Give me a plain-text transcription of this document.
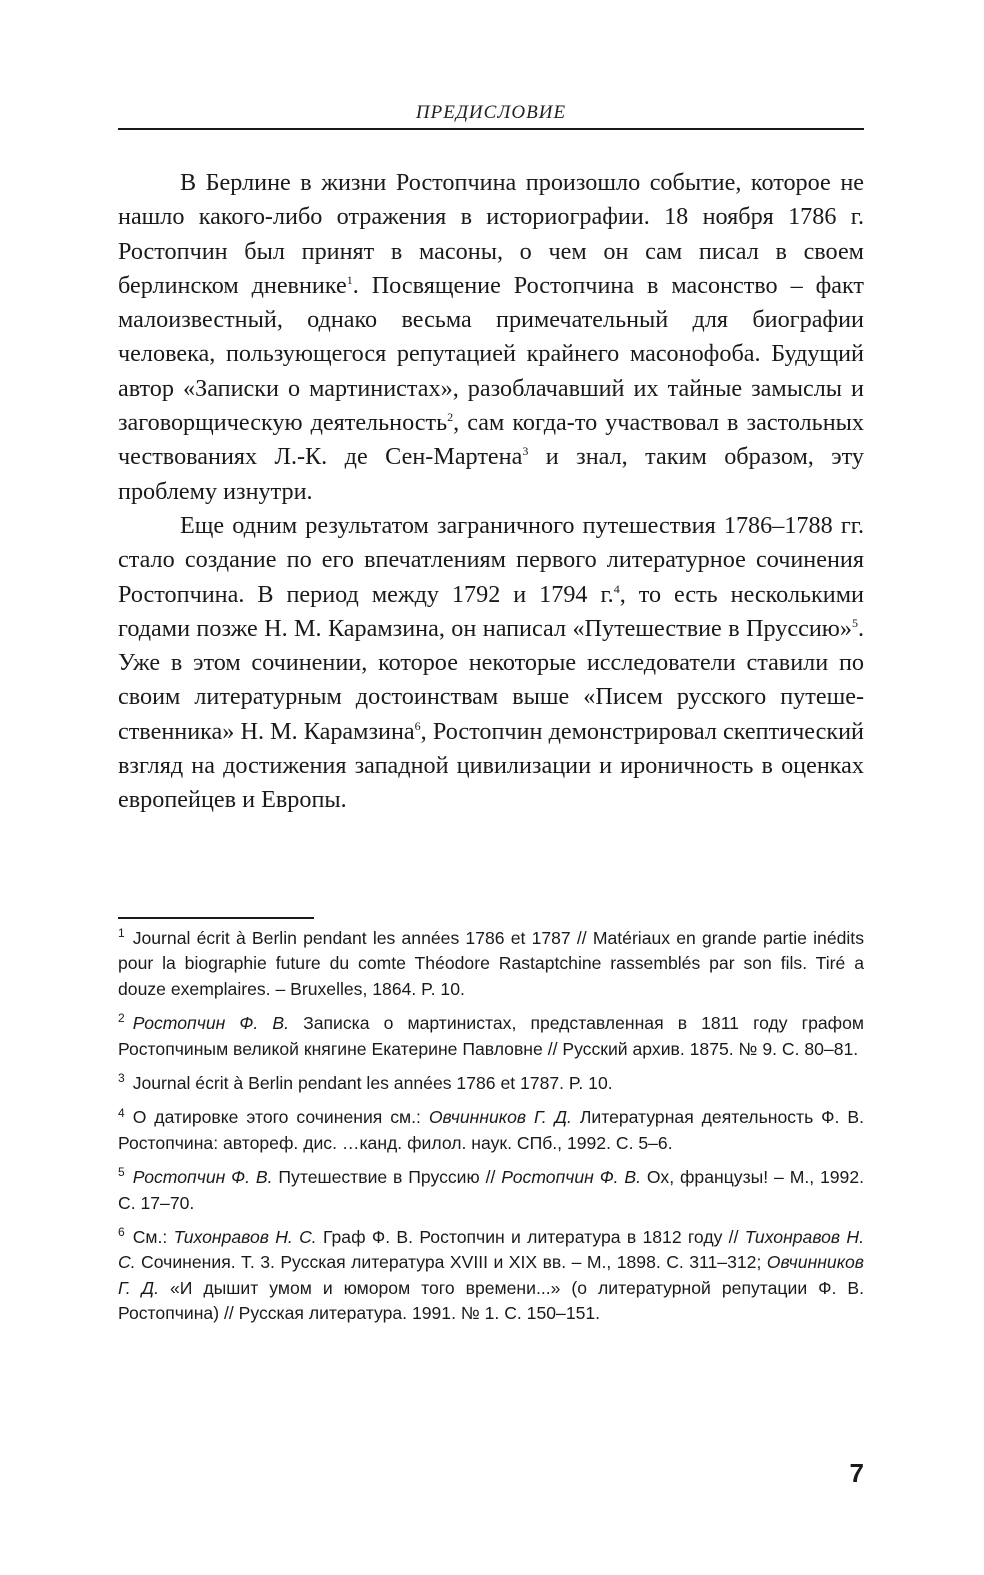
ПРЕДИСЛОВИЕ

В Берлине в жизни Ростопчина произошло событие, которое не нашло какого-либо отражения в историографии. 18 ноября 1786 г. Ростопчин был принят в масоны, о чем он сам писал в своем берлинском дневнике$^1$. Посвящение Ростопчина в масонство – факт малоизвестный, однако весьма примечательный для биографии человека, пользующегося репутацией крайнего масонофоба. Будущий автор «Записки о мартинистах», разоблачавший их тайные замыслы и заговорщическую деятельность$^2$, сам когда-то участвовал в застольных чествованиях Л.-К. де Сен-Мартена$^3$ и знал, таким образом, эту проблему изнутри.

Еще одним результатом заграничного путешествия 1786–1788 гг. стало создание по его впечатлениям первого литературное сочинения Ростопчина. В период между 1792 и 1794 г.$^4$, то есть несколькими годами позже Н. М. Карамзина, он написал «Путешествие в Пруссию»$^5$. Уже в этом сочинении, которое некоторые исследователи ставили по своим литературным достоинствам выше «Писем русского путешественника» Н. М. Карамзина$^6$, Ростопчин демонстрировал скептический взгляд на достижения западной цивилизации и ироничность в оценках европейцев и Европы.

$^1$ Journal écrit à Berlin pendant les années 1786 et 1787 // Matériaux en grande partie inédits pour la biographie future du comte Théodore Rastaptchine rassemblés par son fils. Tiré a douze exemplaires. – Bruxelles, 1864. P. 10.

$^2$ Ростопчин Ф. В. Записка о мартинистах, представленная в 1811 году графом Ростопчиным великой княгине Екатерине Павловне // Русский архив. 1875. № 9. С. 80–81.

$^3$ Journal écrit à Berlin pendant les années 1786 et 1787. P. 10.

$^4$ О датировке этого сочинения см.: Овчинников Г. Д. Литературная деятельность Ф. В. Ростопчина: автореф. дис. …канд. филол. наук. СПб., 1992. С. 5–6.

$^5$ Ростопчин Ф. В. Путешествие в Пруссию // Ростопчин Ф. В. Ох, французы! – М., 1992. С. 17–70.

$^6$ См.: Тихонравов Н. С. Граф Ф. В. Ростопчин и литература в 1812 году // Тихонравов Н. С. Сочинения. Т. 3. Русская литература XVIII и XIX вв. – М., 1898. С. 311–312; Овчинников Г. Д. «И дышит умом и юмором того времени...» (о литературной репутации Ф. В. Ростопчина) // Русская литература. 1991. № 1. С. 150–151.

7
